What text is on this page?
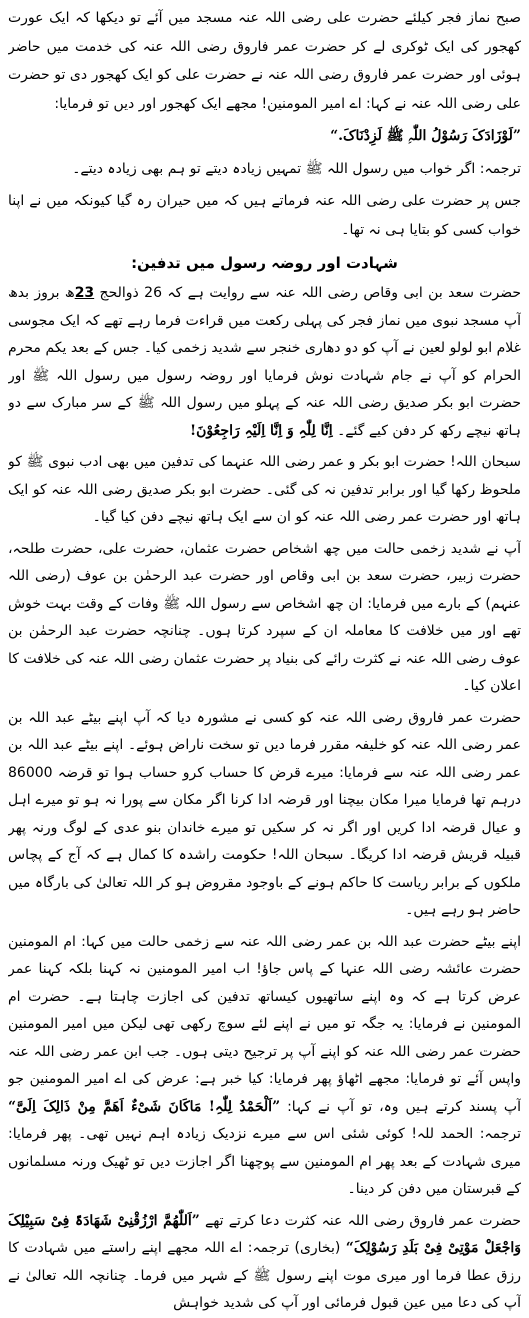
صبح نماز فجر کیلئے حضرت علی رضی اللہ عنہ مسجد میں آئے تو دیکھا کہ ایک عورت کھجور کی ایک ٹوکری لے کر حضرت عمر فاروق رضی اللہ عنہ کی خدمت میں حاضر ہوئی اور حضرت عمر فاروق رضی اللہ عنہ نے حضرت علی کو ایک کھجور دی تو حضرت علی رضی اللہ عنہ نے کہا: اے امیر المومنین! مجھے ایک کھجور اور دیں تو فرمایا:

”لَوْزَادَکَ رَسُوْلُ اللّٰہِ ﷺ لَزِدْنَاکَ.“

ترجمہ: اگر خواب میں رسول اللہ ﷺ تمہیں زیادہ دیتے تو ہم بھی زیادہ دیتے۔

جس پر حضرت علی رضی اللہ عنہ فرماتے ہیں کہ میں حیران رہ گیا کیونکہ میں نے اپنا خواب کسی کو بتایا ہی نہ تھا۔

شہادت اور روضہ رسول میں تدفین:

حضرت سعد بن ابی وقاص رضی اللہ عنہ سے روایت ہے کہ 26 ذوالحج 23ھ بروز بدھ آپ مسجد نبوی میں نماز فجر کی پہلی رکعت میں قراءت فرما رہے تھے کہ ایک مجوسی غلام ابو لولو لعین نے آپ کو دو دھاری خنجر سے شدید زخمی کیا۔ جس کے بعد یکم محرم الحرام کو آپ نے جام شہادت نوش فرمایا اور روضہ رسول میں رسول اللہ ﷺ اور حضرت ابو بکر صدیق رضی اللہ عنہ کے پہلو میں رسول اللہ ﷺ کے سر مبارک سے دو ہاتھ نیچے رکھ کر دفن کیے گئے۔ اِنَّا لِلّٰہِ وَ اِنَّا اِلَیْہِ رَاجِعُوْنَ!

سبحان اللہ! حضرت ابو بکر و عمر رضی اللہ عنہما کی تدفین میں بھی ادب نبوی ﷺ کو ملحوظ رکھا گیا اور برابر تدفین نہ کی گئی۔ حضرت ابو بکر صدیق رضی اللہ عنہ کو ایک ہاتھ اور حضرت عمر رضی اللہ عنہ کو ان سے ایک ہاتھ نیچے دفن کیا گیا۔

آپ نے شدید زخمی حالت میں چھ اشخاص حضرت عثمان، حضرت علی، حضرت طلحہ، حضرت زبیر، حضرت سعد بن ابی وقاص اور حضرت عبد الرحمٰن بن عوف (رضی اللہ عنہم) کے بارے میں فرمایا: ان چھ اشخاص سے رسول اللہ ﷺ وفات کے وقت بہت خوش تھے اور میں خلافت کا معاملہ ان کے سپرد کرتا ہوں۔ چنانچہ حضرت عبد الرحمٰن بن عوف رضی اللہ عنہ نے کثرت رائے کی بنیاد پر حضرت عثمان رضی اللہ عنہ کی خلافت کا اعلان کیا۔

حضرت عمر فاروق رضی اللہ عنہ کو کسی نے مشورہ دیا کہ آپ اپنے بیٹے عبد اللہ بن عمر رضی اللہ عنہ کو خلیفہ مقرر فرما دیں تو سخت ناراض ہوئے۔ اپنے بیٹے عبد اللہ بن عمر رضی اللہ عنہ سے فرمایا: میرے قرض کا حساب کرو حساب ہوا تو قرضہ 86000 درہم تھا فرمایا میرا مکان بیچنا اور قرضہ ادا کرنا اگر مکان سے پورا نہ ہو تو میرے اہل و عیال قرضہ ادا کریں اور اگر نہ کر سکیں تو میرے خاندان بنو عدی کے لوگ ورنہ پھر قبیلہ قریش قرضہ ادا کریگا۔ سبحان اللہ! حکومت راشدہ کا کمال ہے کہ آج کے پچاس ملکوں کے برابر ریاست کا حاکم ہونے کے باوجود مقروض ہو کر اللہ تعالیٰ کی بارگاہ میں حاضر ہو رہے ہیں۔

اپنے بیٹے حضرت عبد اللہ بن عمر رضی اللہ عنہ سے زخمی حالت میں کہا: ام المومنین حضرت عائشہ رضی اللہ عنہا کے پاس جاؤ! اب امیر المومنین نہ کہنا بلکہ کہنا عمر عرض کرتا ہے کہ وہ اپنے ساتھیوں کیساتھ تدفین کی اجازت چاہتا ہے۔ حضرت ام المومنین نے فرمایا: یہ جگہ تو میں نے اپنے لئے سوچ رکھی تھی لیکن میں امیر المومنین حضرت عمر رضی اللہ عنہ کو اپنے آپ پر ترجیح دیتی ہوں۔ جب ابن عمر رضی اللہ عنہ واپس آئے تو فرمایا: مجھے اٹھاؤ پھر فرمایا: کیا خبر ہے: عرض کی اے امیر المومنین جو آپ پسند کرتے ہیں وہ، تو آپ نے کہا: ”اَلْحَمْدُ لِلّٰہِ! مَاکَانَ شَیْءٌ اَھَمَّ مِنْ ذَالِکَ اِلَیَّ“ ترجمہ: الحمد للہ! کوئی شئی اس سے میرے نزدیک زیادہ اہم نہیں تھی۔ پھر فرمایا: میری شہادت کے بعد پھر ام المومنین سے پوچھنا اگر اجازت دیں تو ٹھیک ورنہ مسلمانوں کے قبرستان میں دفن کر دینا۔

حضرت عمر فاروق رضی اللہ عنہ کثرت دعا کرتے تھے ”اَللّٰھُمَّ ارْزُقْنِیْ شَھَادَۃً فِیْ سَبِیْلِکَ وَاجْعَلْ مَوْتِیْ فِیْ بَلَدِ رَسُوْلِکَ“ (بخاری) ترجمہ: اے اللہ مجھے اپنے راستے میں شہادت کا رزق عطا فرما اور میری موت اپنے رسول ﷺ کے شہر میں فرما۔ چنانچہ اللہ تعالیٰ نے آپ کی دعا میں عین قبول فرمائی اور آپ کی شدید خواہش
